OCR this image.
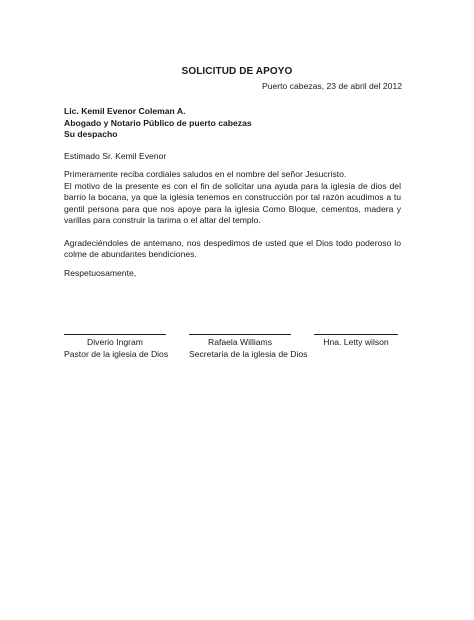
SOLICITUD DE APOYO
Puerto cabezas, 23 de abril del 2012
Lic. Kemil Evenor Coleman A.
Abogado y Notario Público de puerto cabezas
Su despacho
Estimado Sr. Kemil Evenor

Primeramente reciba cordiales saludos en el nombre del señor Jesucristo.

El motivo de la presente es con el fin de solicitar una ayuda para la iglesia de dios del barrio la bocana, ya que la iglesia tenemos en construcción por tal razón acudimos a tu gentil persona para que nos apoye para la iglesia Como Bloque, cementos, madera y varillas para construir la tarima o el altar del templo.

Agradeciéndoles de antemano, nos despedimos de usted que el Dios todo poderoso lo colme de abundantes bendiciones.

Respetuosamente,
Diverio Ingram
Pastor de la iglesia de Dios
Rafaela Williams
Secretaria de la iglesia de Dios
Hna. Letty wilson
